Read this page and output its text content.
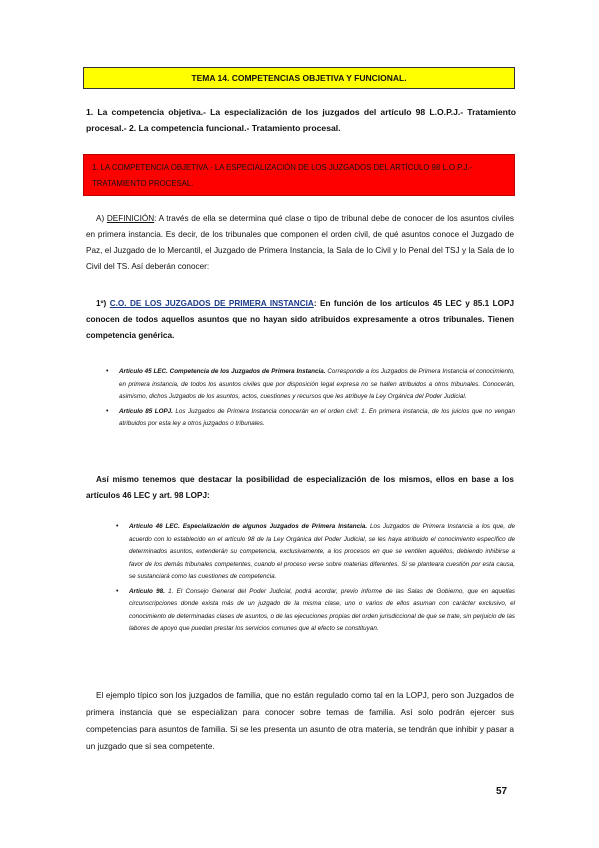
TEMA 14. COMPETENCIAS OBJETIVA Y FUNCIONAL.
1. La competencia objetiva.- La especialización de los juzgados del artículo 98 L.O.P.J.- Tratamiento procesal.- 2. La competencia funcional.- Tratamiento procesal.
1. LA COMPETENCIA OBJETIVA.- LA ESPECIALIZACIÓN DE LOS JUZGADOS DEL ARTÍCULO 98 L.O.P.J.- TRATAMIENTO PROCESAL.
A) DEFINICIÓN: A través de ella se determina qué clase o tipo de tribunal debe de conocer de los asuntos civiles en primera instancia. Es decir, de los tribunales que componen el orden civil, de qué asuntos conoce el Juzgado de Paz, el Juzgado de lo Mercantil, el Juzgado de Primera Instancia, la Sala de lo Civil y lo Penal del TSJ y la Sala de lo Civil del TS. Así deberán conocer:
1º) C.O. DE LOS JUZGADOS DE PRIMERA INSTANCIA: En función de los artículos 45 LEC y 85.1 LOPJ conocen de todos aquellos asuntos que no hayan sido atribuidos expresamente a otros tribunales. Tienen competencia genérica.
• Artículo 45 LEC. Competencia de los Juzgados de Primera Instancia. Corresponde a los Juzgados de Primera Instancia el conocimiento, en primera instancia, de todos los asuntos civiles que por disposición legal expresa no se hallen atribuidos a otros tribunales. Conocerán, asimismo, dichos Juzgados de los asuntos, actos, cuestiones y recursos que les atribuye la Ley Orgánica del Poder Judicial.
• Artículo 85 LOPJ. Los Juzgados de Primera Instancia conocerán en el orden civil: 1. En primera instancia, de los juicios que no vengan atribuidos por esta ley a otros juzgados o tribunales.
Así mismo tenemos que destacar la posibilidad de especialización de los mismos, ellos en base a los artículos 46 LEC y art. 98 LOPJ:
• Artículo 46 LEC. Especialización de algunos Juzgados de Primera Instancia. Los Juzgados de Primera Instancia a los que, de acuerdo con lo establecido en el artículo 98 de la Ley Orgánica del Poder Judicial, se les haya atribuido el conocimiento específico de determinados asuntos, extenderán su competencia, exclusivamente, a los procesos en que se ventilen aquéllos, debiendo inhibirse a favor de los demás tribunales competentes, cuando el proceso verse sobre materias diferentes. Si se planteara cuestión por esta causa, se sustanciará como las cuestiones de competencia.
• Artículo 98. 1. El Consejo General del Poder Judicial, podrá acordar, previo informe de las Salas de Gobierno, que en aquellas circunscripciones donde exista más de un juzgado de la misma clase, uno o varios de ellos asuman con carácter exclusivo, el conocimiento de determinadas clases de asuntos, o de las ejecuciones propias del orden jurisdiccional de que se trate, sin perjuicio de las labores de apoyo que puedan prestar los servicios comunes que al efecto se constituyan.
El ejemplo típico son los juzgados de familia, que no están regulado como tal en la LOPJ, pero son Juzgados de primera instancia que se especializan para conocer sobre temas de familia. Así solo podrán ejercer sus competencias para asuntos de familia. Si se les presenta un asunto de otra materia, se tendrán que inhibir y pasar a un juzgado que si sea competente.
57
